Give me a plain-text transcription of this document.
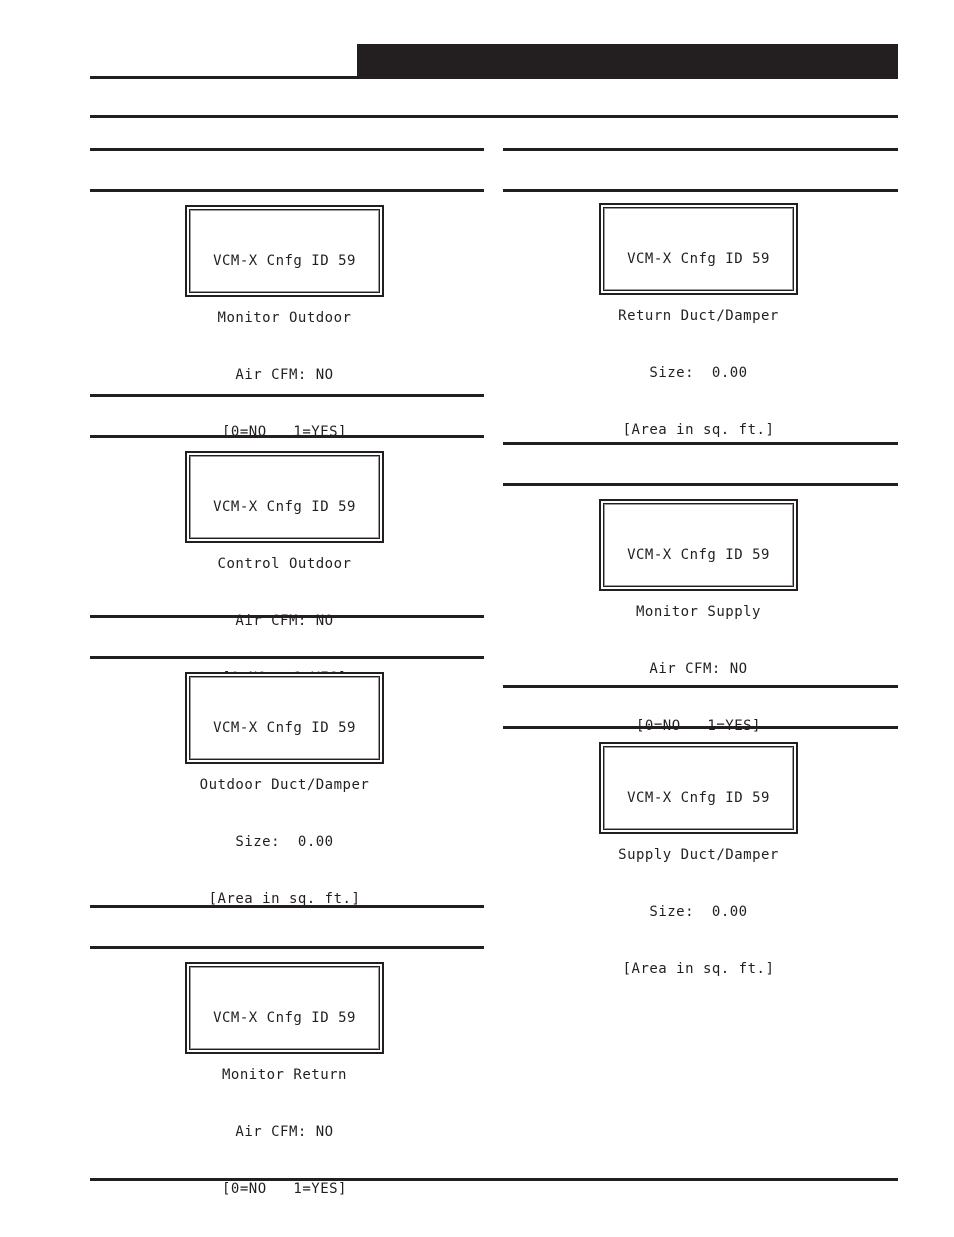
VCM-X Cnfg ID 59

Monitor Outdoor

Air CFM: NO

[0=NO   1=YES]

VCM-X Cnfg ID 59

Control Outdoor

Air CFM: NO

VCM-X Cnfg ID 59

Outdoor Duct/Damper

Size:  0.00

[Area in sq. ft.]

VCM-X Cnfg ID 59

Monitor Return

Air CFM: NO

[0=NO   1=YES]

VCM-X Cnfg ID 59

Return Duct/Damper

Size:  0.00

[Area in sq. ft.]

VCM-X Cnfg ID 59

Monitor Supply

Air CFM: NO

[0=NO   1=YES]

VCM-X Cnfg ID 59

Supply Duct/Damper

Size:  0.00

[Area in sq. ft.]
